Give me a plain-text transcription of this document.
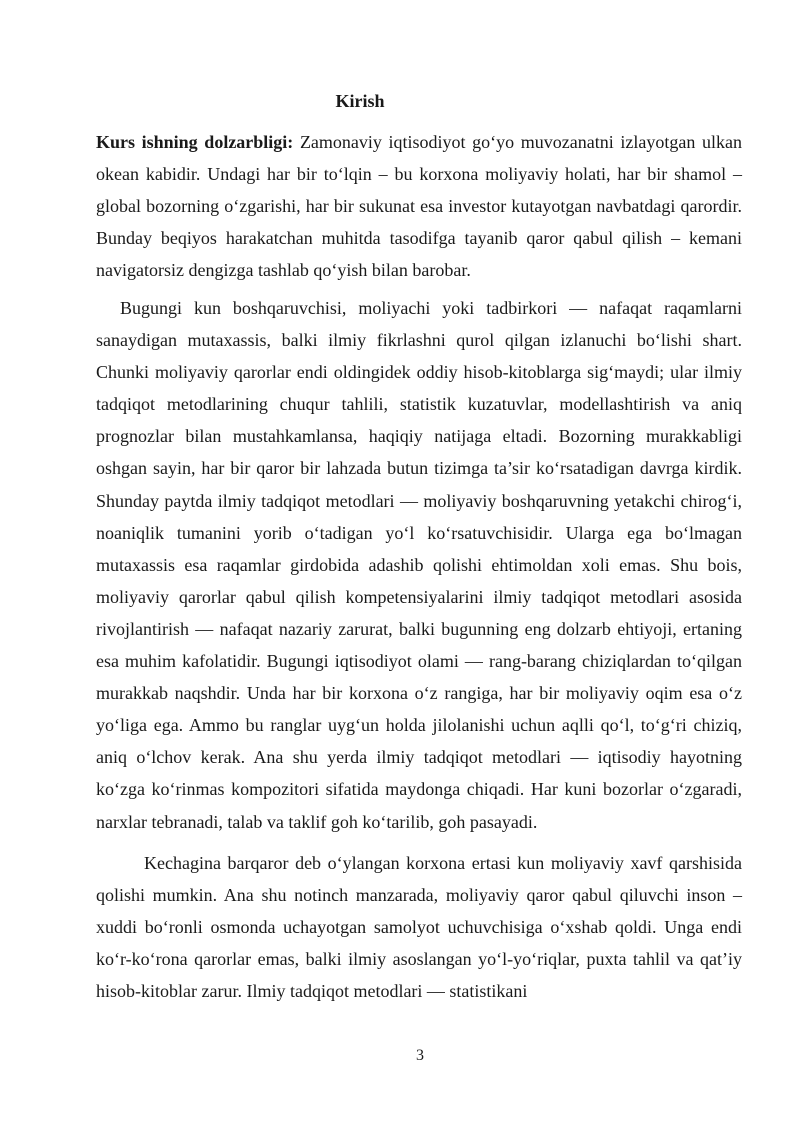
Kirish

Kurs ishning dolzarbligi: Zamonaviy iqtisodiyot go‘yo muvozanatni izlayotgan ulkan okean kabidir. Undagi har bir to‘lqin – bu korxona moliyaviy holati, har bir shamol – global bozorning o‘zgarishi, har bir sukunat esa investor kutayotgan navbatdagi qarordir. Bunday beqiyos harakatchan muhitda tasodifga tayanib qaror qabul qilish – kemani navigatorsiz dengizga tashlab qo‘yish bilan barobar.

Bugungi kun boshqaruvchisi, moliyachi yoki tadbirkori — nafaqat raqamlarni sanaydigan mutaxassis, balki ilmiy fikrlashni qurol qilgan izlanuchi bo‘lishi shart. Chunki moliyaviy qarorlar endi oldingidek oddiy hisob-kitoblarga sig‘maydi; ular ilmiy tadqiqot metodlarining chuqur tahlili, statistik kuzatuvlar, modellashtirish va aniq prognozlar bilan mustahkamlansa, haqiqiy natijaga eltadi. Bozorning murakkabligi oshgan sayin, har bir qaror bir lahzada butun tizimga ta’sir ko‘rsatadigan davrga kirdik. Shunday paytda ilmiy tadqiqot metodlari — moliyaviy boshqaruvning yetakchi chirog‘i, noaniqlik tumanini yorib o‘tadigan yo‘l ko‘rsatuvchisidir. Ularga ega bo‘lmagan mutaxassis esa raqamlar girdobida adashib qolishi ehtimoldan xoli emas. Shu bois, moliyaviy qarorlar qabul qilish kompetensiyalarini ilmiy tadqiqot metodlari asosida rivojlantirish — nafaqat nazariy zarurat, balki bugunning eng dolzarb ehtiyoji, ertaning esa muhim kafolatidir. Bugungi iqtisodiyot olami — rang-barang chiziqlardan to‘qilgan murakkab naqshdir. Unda har bir korxona o‘z rangiga, har bir moliyaviy oqim esa o‘z yo‘liga ega. Ammo bu ranglar uyg‘un holda jilolanishi uchun aqlli qo‘l, to‘g‘ri chiziq, aniq o‘lchov kerak. Ana shu yerda ilmiy tadqiqot metodlari — iqtisodiy hayotning ko‘zga ko‘rinmas kompozitori sifatida maydonga chiqadi. Har kuni bozorlar o‘zgaradi, narxlar tebranadi, talab va taklif goh ko‘tarilib, goh pasayadi.

Kechagina barqaror deb o‘ylangan korxona ertasi kun moliyaviy xavf qarshisida qolishi mumkin. Ana shu notinch manzarada, moliyaviy qaror qabul qiluvchi inson – xuddi bo‘ronli osmonda uchayotgan samolyot uchuvchisiga o‘xshab qoldi. Unga endi ko‘r-ko‘rona qarorlar emas, balki ilmiy asoslangan yo‘l-yo‘riqlar, puxta tahlil va qat’iy hisob-kitoblar zarur. Ilmiy tadqiqot metodlari — statistikani

3
